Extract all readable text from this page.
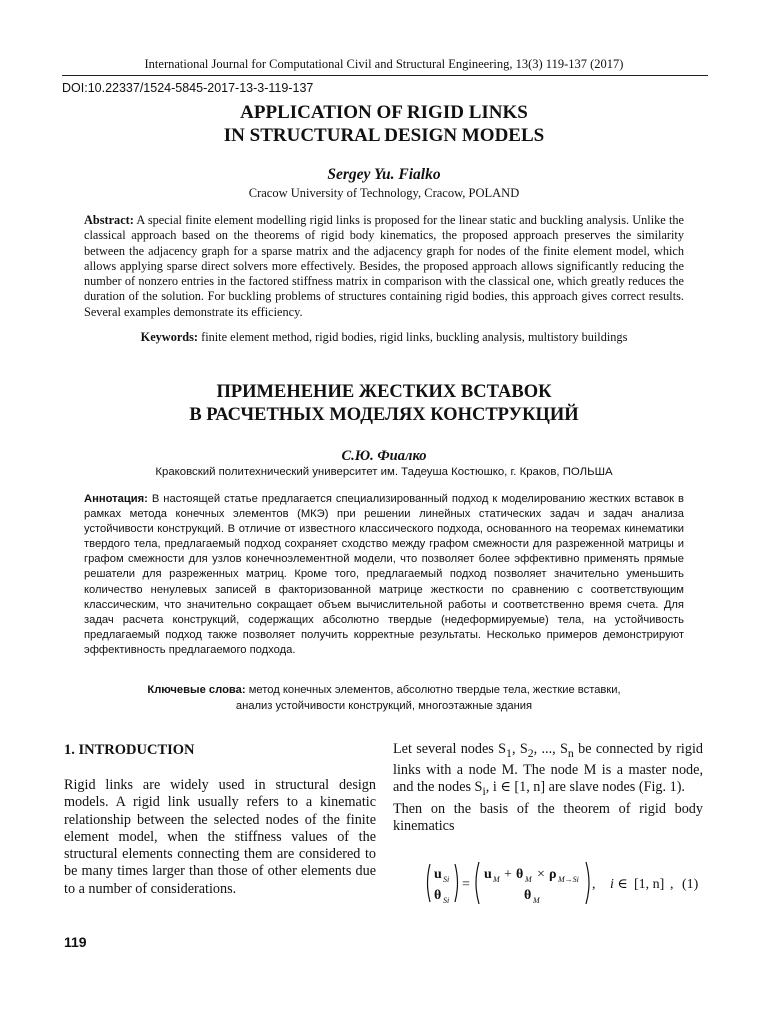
International Journal for Computational Civil and Structural Engineering, 13(3) 119-137 (2017)
DOI:10.22337/1524-5845-2017-13-3-119-137
APPLICATION OF RIGID LINKS
IN STRUCTURAL DESIGN MODELS
Sergey Yu. Fialko
Cracow University of Technology, Cracow, POLAND
Abstract: A special finite element modelling rigid links is proposed for the linear static and buckling analysis. Unlike the classical approach based on the theorems of rigid body kinematics, the proposed approach preserves the similarity between the adjacency graph for a sparse matrix and the adjacency graph for nodes of the finite element model, which allows applying sparse direct solvers more effectively. Besides, the proposed approach allows significantly reducing the number of nonzero entries in the factored stiffness matrix in comparison with the classical one, which greatly reduces the duration of the solution. For buckling problems of structures containing rigid bodies, this approach gives correct results. Several examples demonstrate its efficiency.
Keywords: finite element method, rigid bodies, rigid links, buckling analysis, multistory buildings
ПРИМЕНЕНИЕ ЖЕСТКИХ ВСТАВОК
В РАСЧЕТНЫХ МОДЕЛЯХ КОНСТРУКЦИЙ
С.Ю. Фиалко
Краковский политехнический университет им. Тадеуша Костюшко, г. Краков, ПОЛЬША
Аннотация: В настоящей статье предлагается специализированный подход к моделированию жестких вставок в рамках метода конечных элементов (МКЭ) при решении линейных статических задач и задач анализа устойчивости конструкций. В отличие от известного классического подхода, основанного на теоремах кинематики твердого тела, предлагаемый подход сохраняет сходство между графом смежности для разреженной матрицы и графом смежности для узлов конечноэлементной модели, что позволяет более эффективно применять прямые решатели для разреженных матриц. Кроме того, предлагаемый подход позволяет значительно уменьшить количество ненулевых записей в факторизованной матрице жесткости по сравнению с соответствующим классическим, что значительно сокращает объем вычислительной работы и соответственно время счета. Для задач расчета конструкций, содержащих абсолютно твердые (недеформируемые) тела, на устойчивость предлагаемый подход также позволяет получить корректные результаты. Несколько примеров демонстрируют эффективность предлагаемого подхода.
Ключевые слова: метод конечных элементов, абсолютно твердые тела, жесткие вставки,
анализ устойчивости конструкций, многоэтажные здания
1. INTRODUCTION
Rigid links are widely used in structural design models. A rigid link usually refers to a kinematic relationship between the selected nodes of the finite element model, when the stiffness values of the structural elements connecting them are considered to be many times larger than those of other elements due to a number of considerations.

Let several nodes $S_1$, $S_2$, ..., $S_n$ be connected by rigid links with a node M. The node M is a master node, and the nodes $S_i$, i ∈ [1, n] are slave nodes (Fig. 1).

Then on the basis of the theorem of rigid body kinematics

u Si
θ Si
=
u M + θ M × ρ M→Si
θ M
, i ∈ [1, n] , (1)
119
